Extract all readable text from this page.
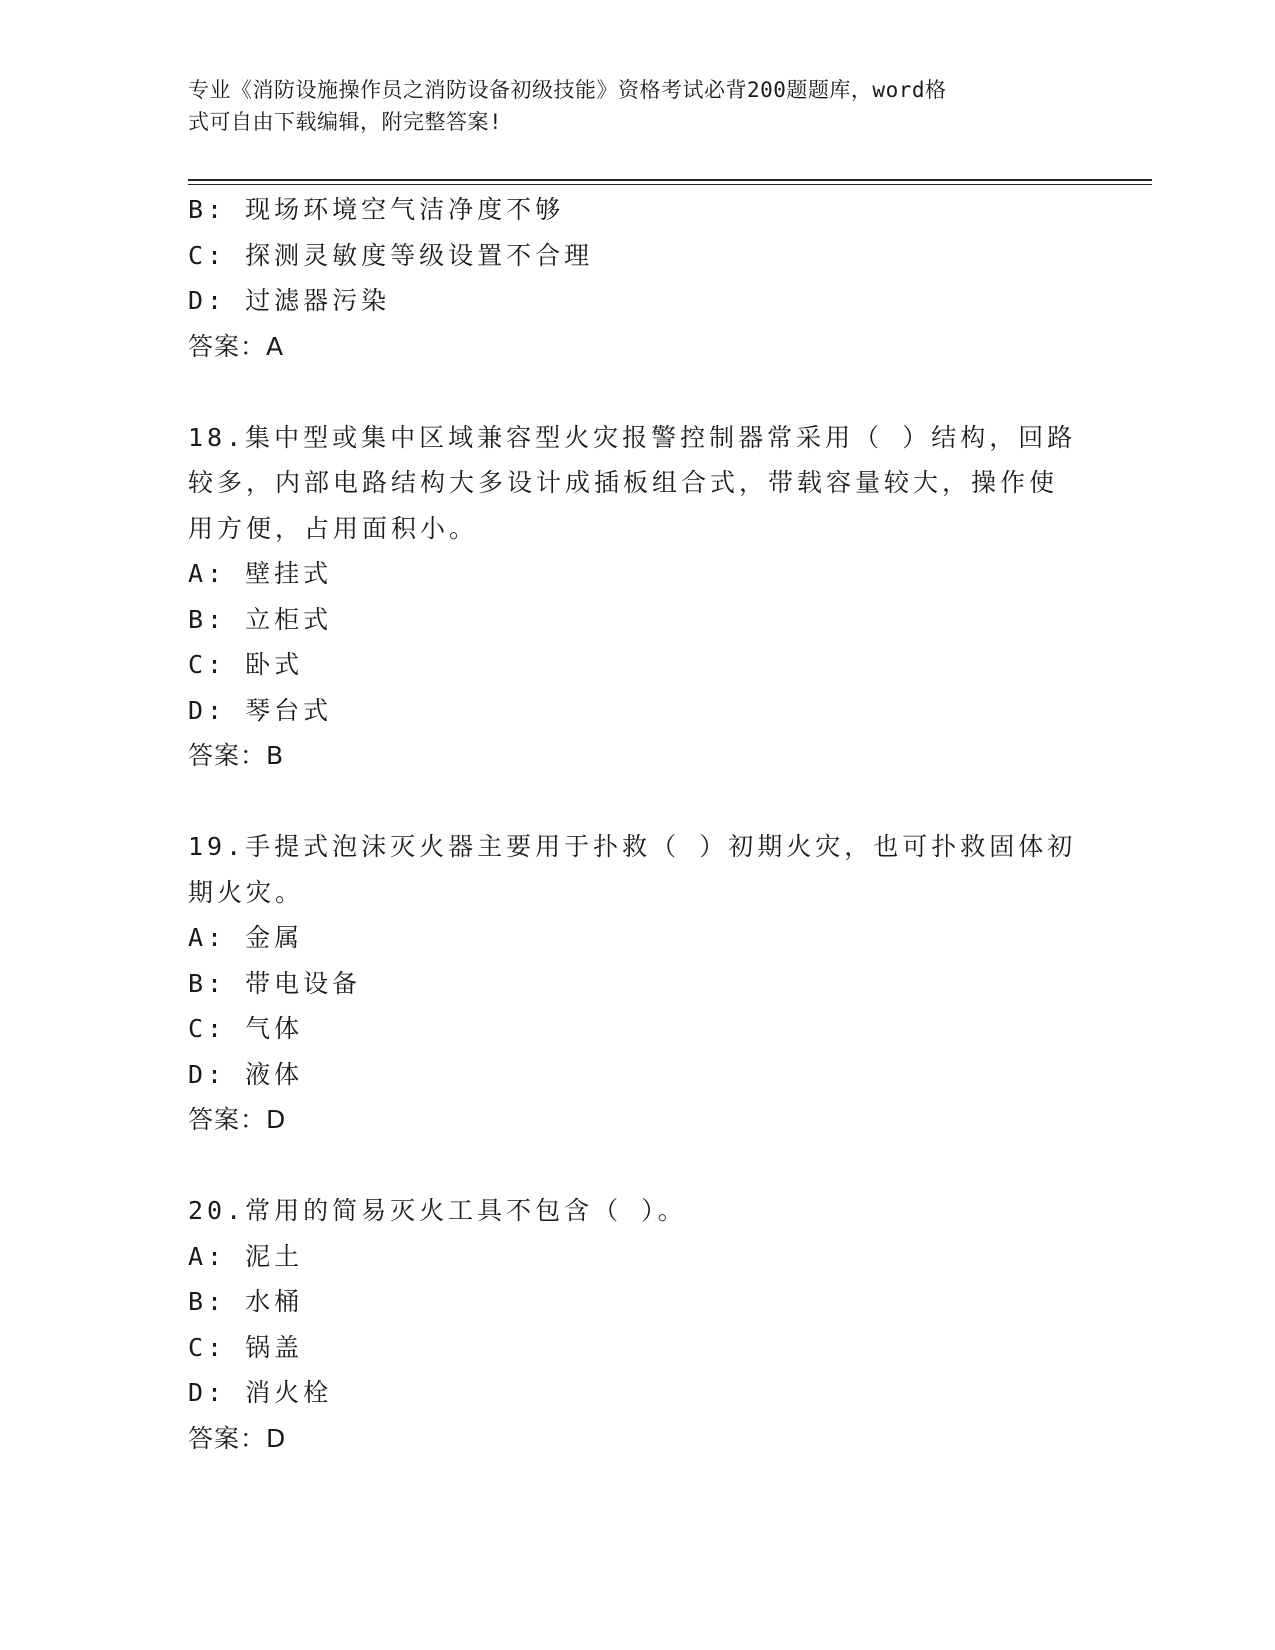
专业《消防设施操作员之消防设备初级技能》资格考试必背200题题库，word格
式可自由下载编辑，附完整答案!
B: 现场环境空气洁净度不够
C: 探测灵敏度等级设置不合理
D: 过滤器污染
答案：A
18.集中型或集中区域兼容型火灾报警控制器常采用（ ）结构，回路
较多，内部电路结构大多设计成插板组合式，带载容量较大，操作使
用方便，占用面积小。
A: 壁挂式
B: 立柜式
C: 卧式
D: 琴台式
答案：B
19.手提式泡沫灭火器主要用于扑救（ ）初期火灾，也可扑救固体初
期火灾。
A: 金属
B: 带电设备
C: 气体
D: 液体
答案：D
20.常用的简易灭火工具不包含（ ）。
A: 泥土
B: 水桶
C: 锅盖
D: 消火栓
答案：D
